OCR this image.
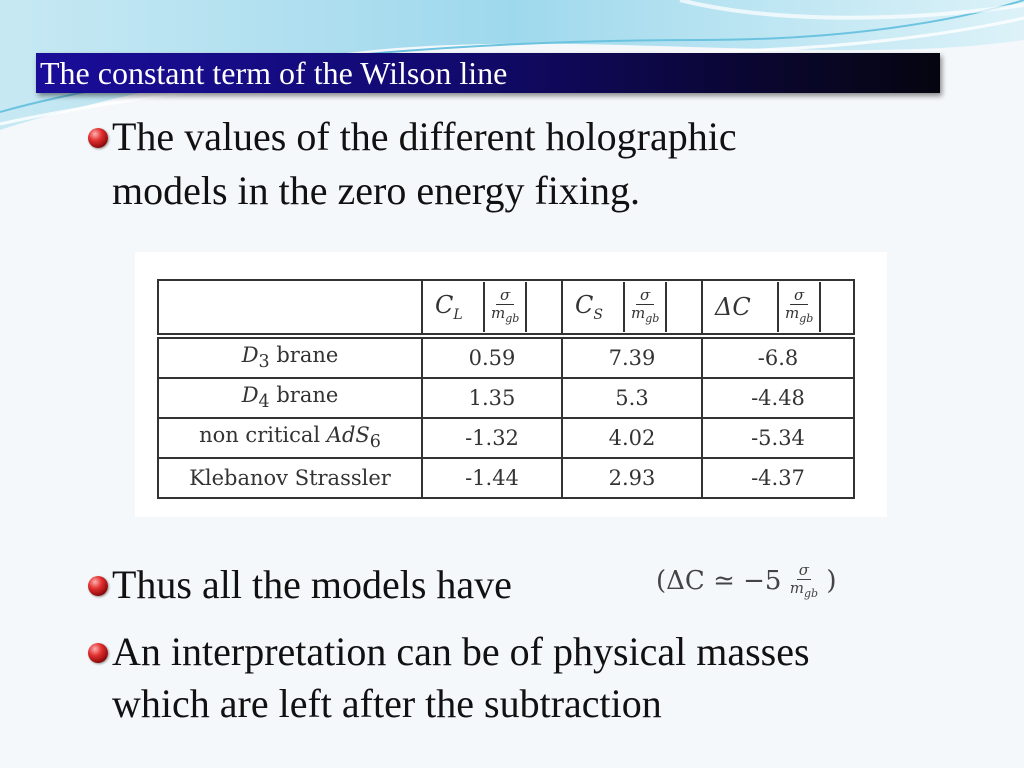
The constant term of the Wilson line
The values of the different holographic
models in the zero energy fixing.

	$C_L \frac{\sigma}{m_{gb}}$	$C_S \frac{\sigma}{m_{gb}}$	ΔC $\frac{\sigma}{m_{gb}}$

$D_3$ brane	0.59	7.39	-6.8
$D_4$ brane	1.35	5.3	-4.48
non critical AdS$_6$	-1.32	4.02	-5.34
Klebanov Strassler	-1.44	2.93	-4.37
Thus all the models have	(ΔC ≃ −5 σ
$m_{gb}$ )
An interpretation can be of physical masses
which are left after the subtraction
